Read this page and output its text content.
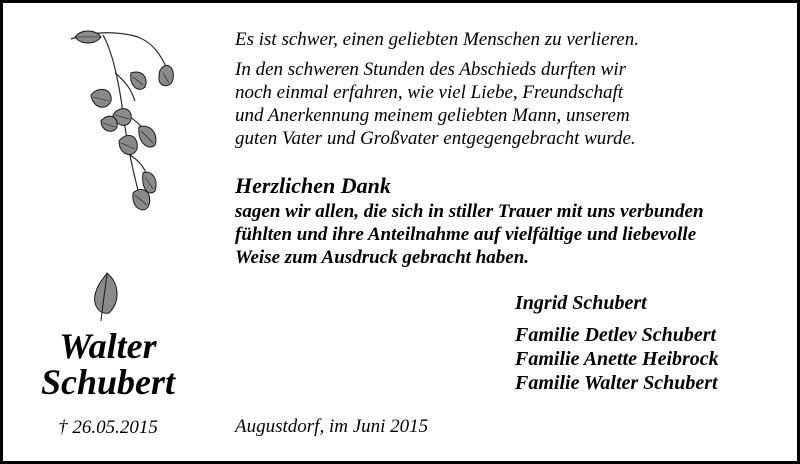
Walter
Schubert
† 26.05.2015
Es ist schwer, einen geliebten Menschen zu verlieren.
In den schweren Stunden des Abschieds durften wir
noch einmal erfahren, wie viel Liebe, Freundschaft
und Anerkennung meinem geliebten Mann, unserem
guten Vater und Großvater entgegengebracht wurde.
Herzlichen Dank
sagen wir allen, die sich in stiller Trauer mit uns verbunden
fühlten und ihre Anteilnahme auf vielfältige und liebevolle
Weise zum Ausdruck gebracht haben.
Ingrid Schubert
Familie Detlev Schubert
Familie Anette Heibrock
Familie Walter Schubert
Augustdorf, im Juni 2015
